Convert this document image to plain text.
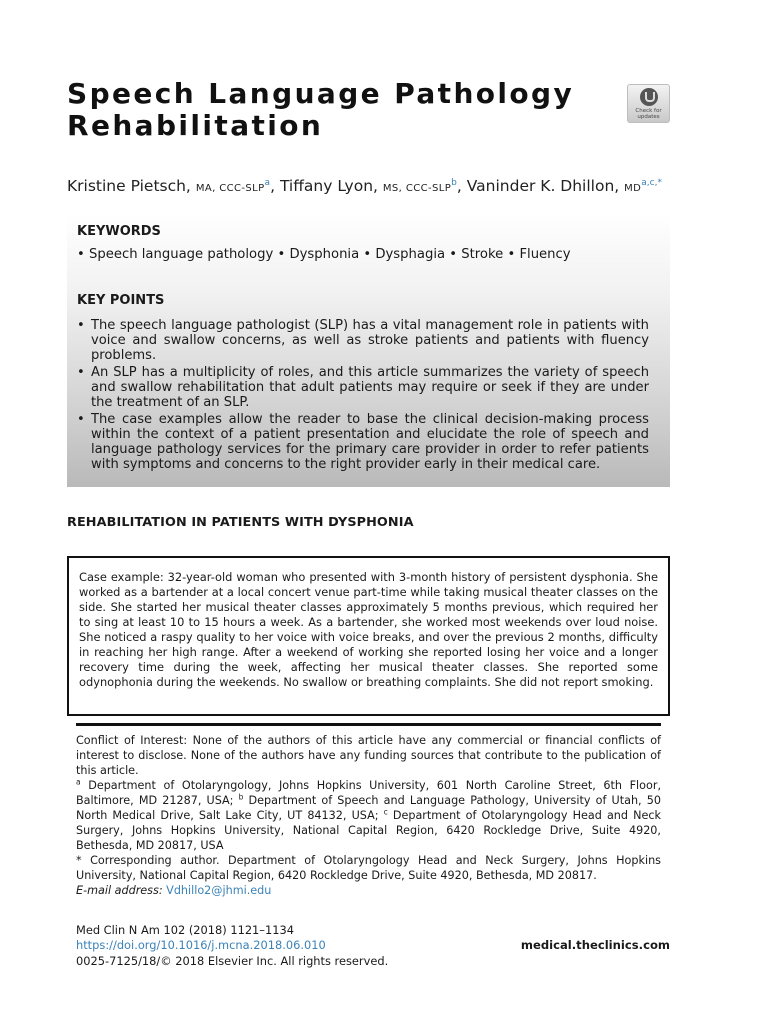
Speech Language Pathology
Rehabilitation	Check for
updates
Kristine Pietsch, MA, CCC-SLP$^a$, Tiffany Lyon, MS, CCC-SLP$^b$, Vaninder K. Dhillon, $MD^{a,c,*}$
KEYWORDS
• Speech language pathology • Dysphonia • Dysphagia • Stroke • Fluency
KEY POINTS
• The speech language pathologist (SLP) has a vital management role in patients with voice and swallow concerns, as well as stroke patients and patients with fluency problems.
• An SLP has a multiplicity of roles, and this article summarizes the variety of speech and swallow rehabilitation that adult patients may require or seek if they are under the treatment of an SLP.
• The case examples allow the reader to base the clinical decision-making process within the context of a patient presentation and elucidate the role of speech and language pathology services for the primary care provider in order to refer patients with symptoms and concerns to the right provider early in their medical care.
REHABILITATION IN PATIENTS WITH DYSPHONIA
Case example: 32-year-old woman who presented with 3-month history of persistent dysphonia. She worked as a bartender at a local concert venue part-time while taking musical theater classes on the side. She started her musical theater classes approximately 5 months previous, which required her to sing at least 10 to 15 hours a week. As a bartender, she worked most weekends over loud noise. She noticed a raspy quality to her voice with voice breaks, and over the previous 2 months, difficulty in reaching her high range. After a weekend of working she reported losing her voice and a longer recovery time during the week, affecting her musical theater classes. She reported some odynophonia during the weekends. No swallow or breathing complaints. She did not report smoking.

Conflict of Interest: None of the authors of this article have any commercial or financial conflicts of interest to disclose. None of the authors have any funding sources that contribute to the publication of this article.

$^a$ Department of Otolaryngology, Johns Hopkins University, 601 North Caroline Street, 6th Floor, Baltimore, MD 21287, USA; $^b$ Department of Speech and Language Pathology, University of Utah, 50 North Medical Drive, Salt Lake City, UT 84132, USA; $^c$ Department of Otolaryngology Head and Neck Surgery, Johns Hopkins University, National Capital Region, 6420 Rockledge Drive, Suite 4920, Bethesda, MD 20817, USA

* Corresponding author. Department of Otolaryngology Head and Neck Surgery, Johns Hopkins University, National Capital Region, 6420 Rockledge Drive, Suite 4920, Bethesda, MD 20817.

E-mail address: Vdhillo2@jhmi.edu

Med Clin N Am 102 (2018) 1121–1134
https://doi.org/10.1016/j.mcna.2018.06.010
0025-7125/18/© 2018 Elsevier Inc. All rights reserved.
medical.theclinics.com
